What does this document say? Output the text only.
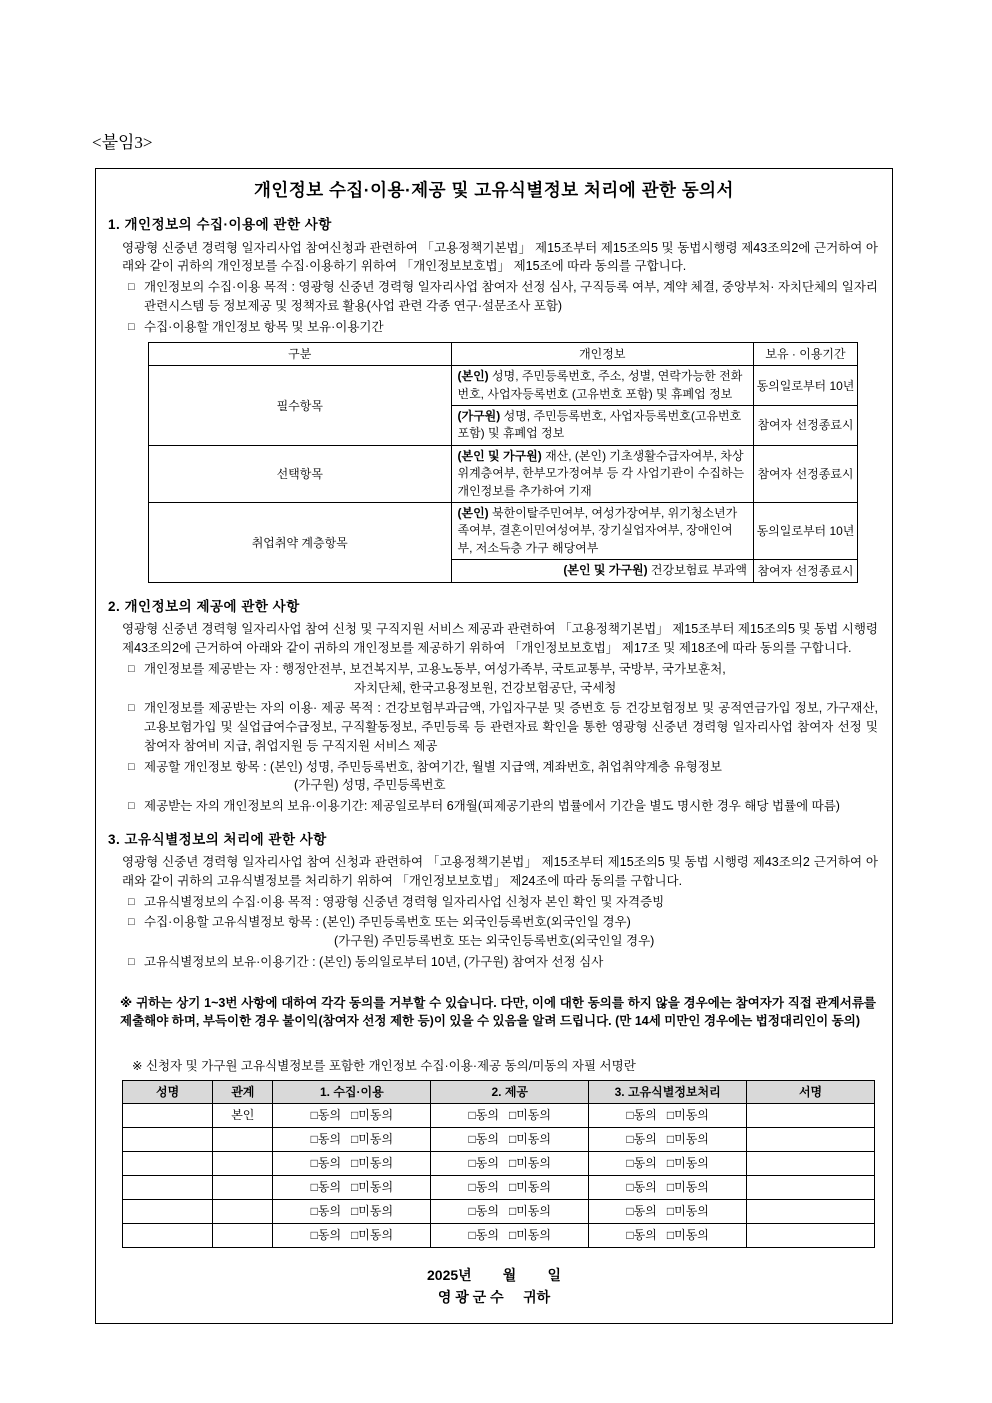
<붙임3>
개인정보 수집·이용·제공 및 고유식별정보 처리에 관한 동의서
1. 개인정보의 수집·이용에 관한 사항
영광형 신중년 경력형 일자리사업 참여신청과 관련하여 「고용정책기본법」 제15조부터 제15조의5 및 동법시행령 제43조의2에 근거하여 아래와 같이 귀하의 개인정보를 수집·이용하기 위하여 「개인정보보호법」 제15조에 따라 동의를 구합니다.
□ 개인정보의 수집·이용 목적 : 영광형 신중년 경력형 일자리사업 참여자 선정 심사, 구직등록 여부, 계약 체결, 중앙부처· 자치단체의 일자리관련시스템 등 정보제공 및 정책자료 활용(사업 관련 각종 연구·설문조사 포함)
□ 수집·이용할 개인정보 항목 및 보유·이용기간
구분	개인정보	보유 · 이용기간
필수항목	(본인) 성명, 주민등록번호, 주소, 성별, 연락가능한 전화번호, 사업자등록번호 (고유번호 포함) 및 휴폐업 정보	동의일로부터 10년
	(가구원) 성명, 주민등록번호, 사업자등록번호(고유번호 포함) 및 휴폐업 정보	참여자 선정종료시
선택항목	(본인 및 가구원) 재산, (본인) 기초생활수급자여부, 차상위계층여부, 한부모가정여부 등 각 사업기관이 수집하는 개인정보를 추가하여 기재	참여자 선정종료시
취업취약 계층항목	(본인) 북한이탈주민여부, 여성가장여부, 위기청소년가족여부, 결혼이민여성여부, 장기실업자여부, 장애인여부, 저소득층 가구 해당여부	동의일로부터 10년
	(본인 및 가구원) 건강보험료 부과액	참여자 선정종료시
2. 개인정보의 제공에 관한 사항
영광형 신중년 경력형 일자리사업 참여 신청 및 구직지원 서비스 제공과 관련하여 「고용정책기본법」 제15조부터 제15조의5 및 동법 시행령 제43조의2에 근거하여 아래와 같이 귀하의 개인정보를 제공하기 위하여 「개인정보보호법」 제17조 및 제18조에 따라 동의를 구합니다.
□ 개인정보를 제공받는 자 : 행정안전부, 보건복지부, 고용노동부, 여성가족부, 국토교통부, 국방부, 국가보훈처,
자치단체, 한국고용정보원, 건강보험공단, 국세청
□ 개인정보를 제공받는 자의 이용· 제공 목적 : 건강보험부과금액, 가입자구분 및 증번호 등 건강보험정보 및 공적연금가입 정보, 가구재산, 고용보험가입 및 실업급여수급정보, 구직활동정보, 주민등록 등 관련자료 확인을 통한 영광형 신중년 경력형 일자리사업 참여자 선정 및 참여자 참여비 지급, 취업지원 등 구직지원 서비스 제공
□ 제공할 개인정보 항목 : (본인) 성명, 주민등록번호, 참여기간, 월별 지급액, 계좌번호, 취업취약계층 유형정보
(가구원) 성명, 주민등록번호
□ 제공받는 자의 개인정보의 보유·이용기간: 제공일로부터 6개월(피제공기관의 법률에서 기간을 별도 명시한 경우 해당 법률에 따름)
3. 고유식별정보의 처리에 관한 사항
영광형 신중년 경력형 일자리사업 참여 신청과 관련하여 「고용정책기본법」 제15조부터 제15조의5 및 동법 시행령 제43조의2 근거하여 아래와 같이 귀하의 고유식별정보를 처리하기 위하여 「개인정보보호법」 제24조에 따라 동의를 구합니다.
□ 고유식별정보의 수집·이용 목적 : 영광형 신중년 경력형 일자리사업 신청자 본인 확인 및 자격증빙
□ 수집·이용할 고유식별정보 항목 : (본인) 주민등록번호 또는 외국인등록번호(외국인일 경우)
(가구원) 주민등록번호 또는 외국인등록번호(외국인일 경우)
□ 고유식별정보의 보유·이용기간 : (본인) 동의일로부터 10년, (가구원) 참여자 선정 심사
※ 귀하는 상기 1~3번 사항에 대하여 각각 동의를 거부할 수 있습니다. 다만, 이에 대한 동의를 하지 않을 경우에는 참여자가 직접 관계서류를 제출해야 하며, 부득이한 경우 불이익(참여자 선정 제한 등)이 있을 수 있음을 알려 드립니다. (만 14세 미만인 경우에는 법정대리인이 동의)
※ 신청자 및 가구원 고유식별정보를 포함한 개인정보 수집·이용·제공 동의/미동의 자필 서명란
성명	관계	1. 수집·이용	2. 제공	3. 고유식별정보처리	서명
	본인	□동의 □미동의	□동의 □미동의	□동의 □미동의	
		□동의 □미동의	□동의 □미동의	□동의 □미동의	
		□동의 □미동의	□동의 □미동의	□동의 □미동의	
		□동의 □미동의	□동의 □미동의	□동의 □미동의	
		□동의 □미동의	□동의 □미동의	□동의 □미동의	
		□동의 □미동의	□동의 □미동의	□동의 □미동의	
2025년        월        일
영 광 군 수     귀하
